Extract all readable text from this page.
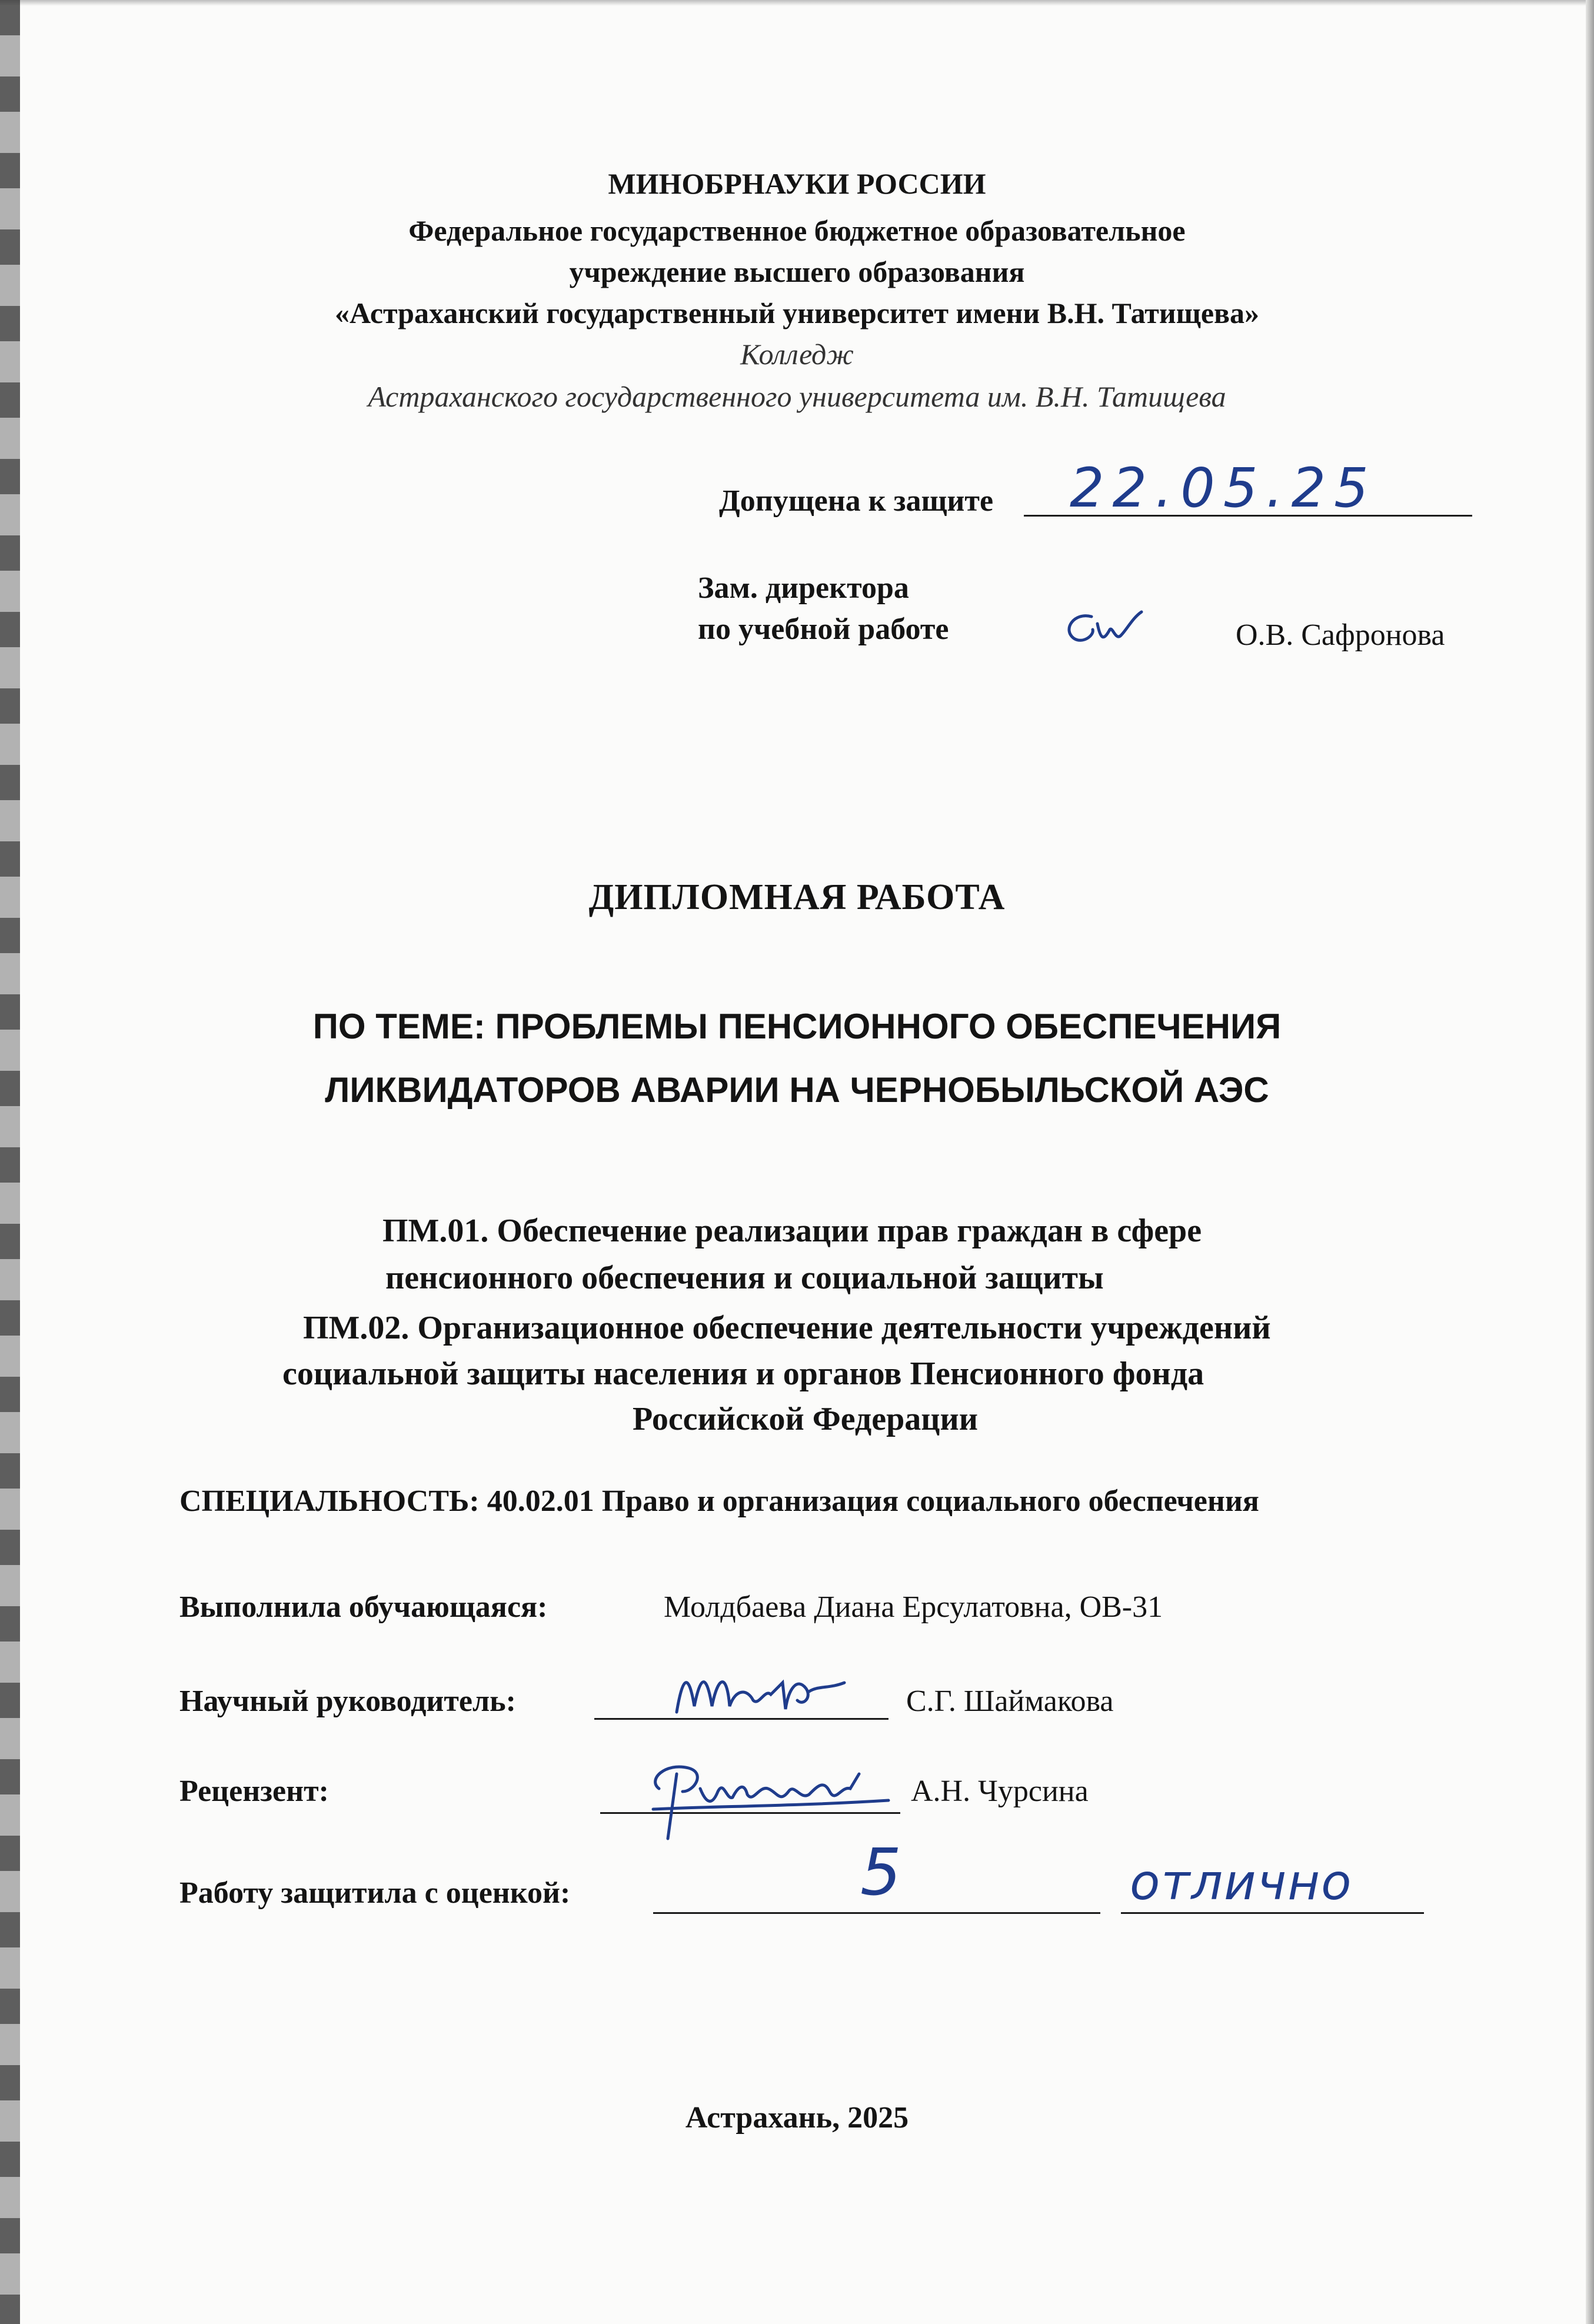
МИНОБРНАУКИ РОССИИ
Федеральное государственное бюджетное образовательное
учреждение высшего образования
«Астраханский государственный университет имени В.Н. Татищева»
Колледж
Астраханского государственного университета им. В.Н. Татищева
Допущена к защите 22.05.25
Зам. директора
по учебной работе	О.В. Сафронова
ДИПЛОМНАЯ РАБОТА
ПО ТЕМЕ: ПРОБЛЕМЫ ПЕНСИОННОГО ОБЕСПЕЧЕНИЯ
ЛИКВИДАТОРОВ АВАРИИ НА ЧЕРНОБЫЛЬСКОЙ АЭС
ПМ.01. Обеспечение реализации прав граждан в сфере
пенсионного обеспечения и социальной защиты
ПМ.02. Организационное обеспечение деятельности учреждений
социальной защиты населения и органов Пенсионного фонда
Российской Федерации
СПЕЦИАЛЬНОСТЬ: 40.02.01 Право и организация социального обеспечения
Выполнила обучающаяся:	Молдбаева Диана Ерсулатовна, ОВ-31
Научный руководитель:	С.Г. Шаймакова
Рецензент:	А.Н. Чурсина
Работу защитила с оценкой:	5	отлично
Астрахань, 2025
